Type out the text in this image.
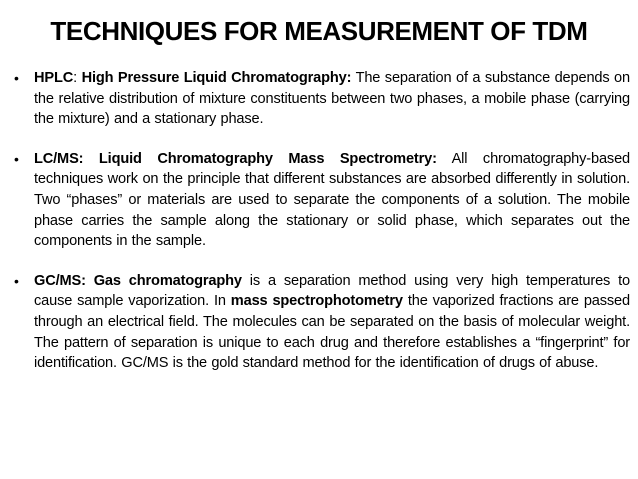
TECHNIQUES FOR MEASUREMENT OF TDM
• HPLC: High Pressure Liquid Chromatography: The separation of a substance depends on the relative distribution of mixture constituents between two phases, a mobile phase (carrying the mixture) and a stationary phase.
• LC/MS: Liquid Chromatography Mass Spectrometry: All chromatography-based techniques work on the principle that different substances are absorbed differently in solution. Two “phases” or materials are used to separate the components of a solution. The mobile phase carries the sample along the stationary or solid phase, which separates out the components in the sample.
• GC/MS: Gas chromatography is a separation method using very high temperatures to cause sample vaporization. In mass spectrophotometry the vaporized fractions are passed through an electrical field. The molecules can be separated on the basis of molecular weight. The pattern of separation is unique to each drug and therefore establishes a “fingerprint” for identification. GC/MS is the gold standard method for the identification of drugs of abuse.
